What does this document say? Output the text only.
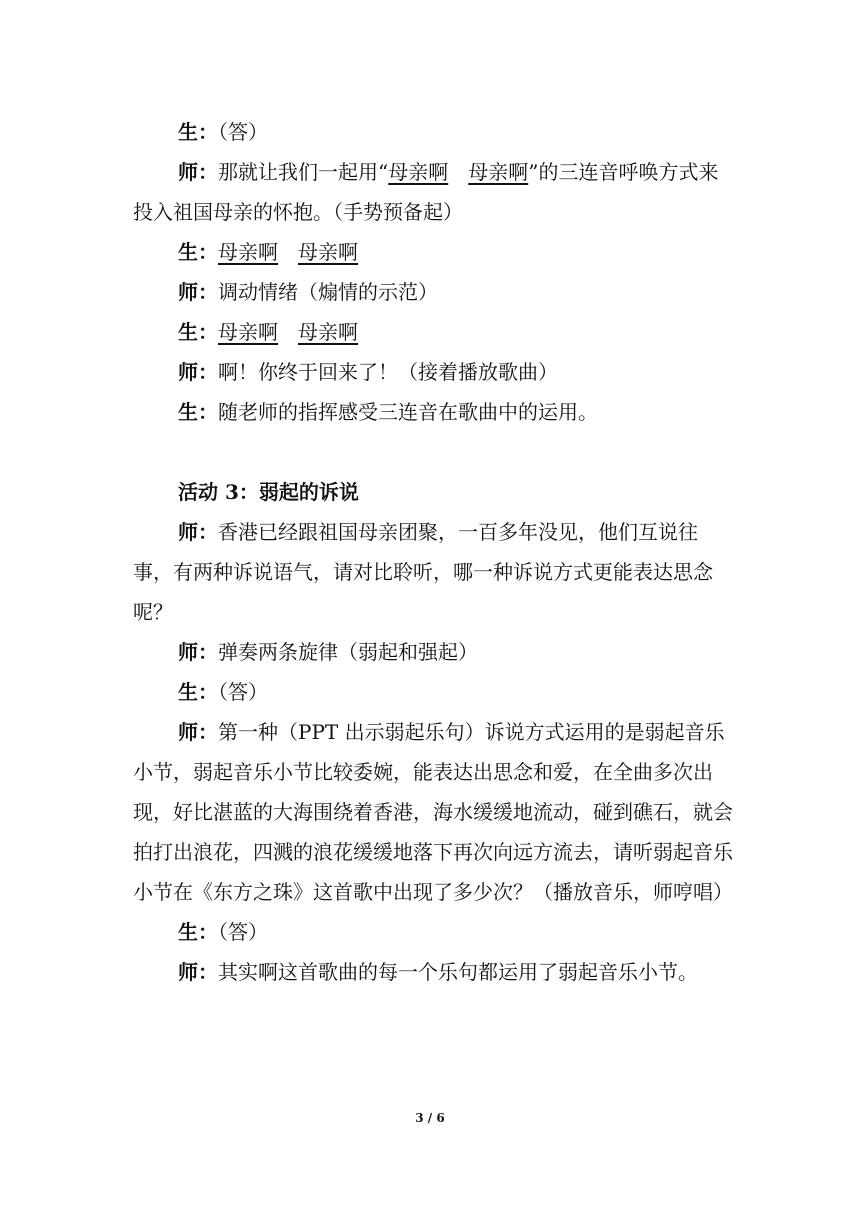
生：（答）

师：那就让我们一起用“母亲啊　 母亲啊”的三连音呼唤方式来投入祖国母亲的怀抱。（手势预备起）

生：母亲啊　 母亲啊

师：调动情绪（煽情的示范）

生：母亲啊　 母亲啊

师：啊！你终于回来了！（接着播放歌曲）

生：随老师的指挥感受三连音在歌曲中的运用。

活动 3：弱起的诉说

师：香港已经跟祖国母亲团聚，一百多年没见，他们互说往事，有两种诉说语气，请对比聆听，哪一种诉说方式更能表达思念呢？

师：弹奏两条旋律（弱起和强起）

生：（答）

师：第一种（PPT 出示弱起乐句）诉说方式运用的是弱起音乐小节，弱起音乐小节比较委婉，能表达出思念和爱，在全曲多次出现，好比湛蓝的大海围绕着香港，海水缓缓地流动，碰到礁石，就会拍打出浪花，四溅的浪花缓缓地落下再次向远方流去，请听弱起音乐小节在《东方之珠》这首歌中出现了多少次？（播放音乐，师哼唱）

生：（答）

师：其实啊这首歌曲的每一个乐句都运用了弱起音乐小节。

3 / 6
